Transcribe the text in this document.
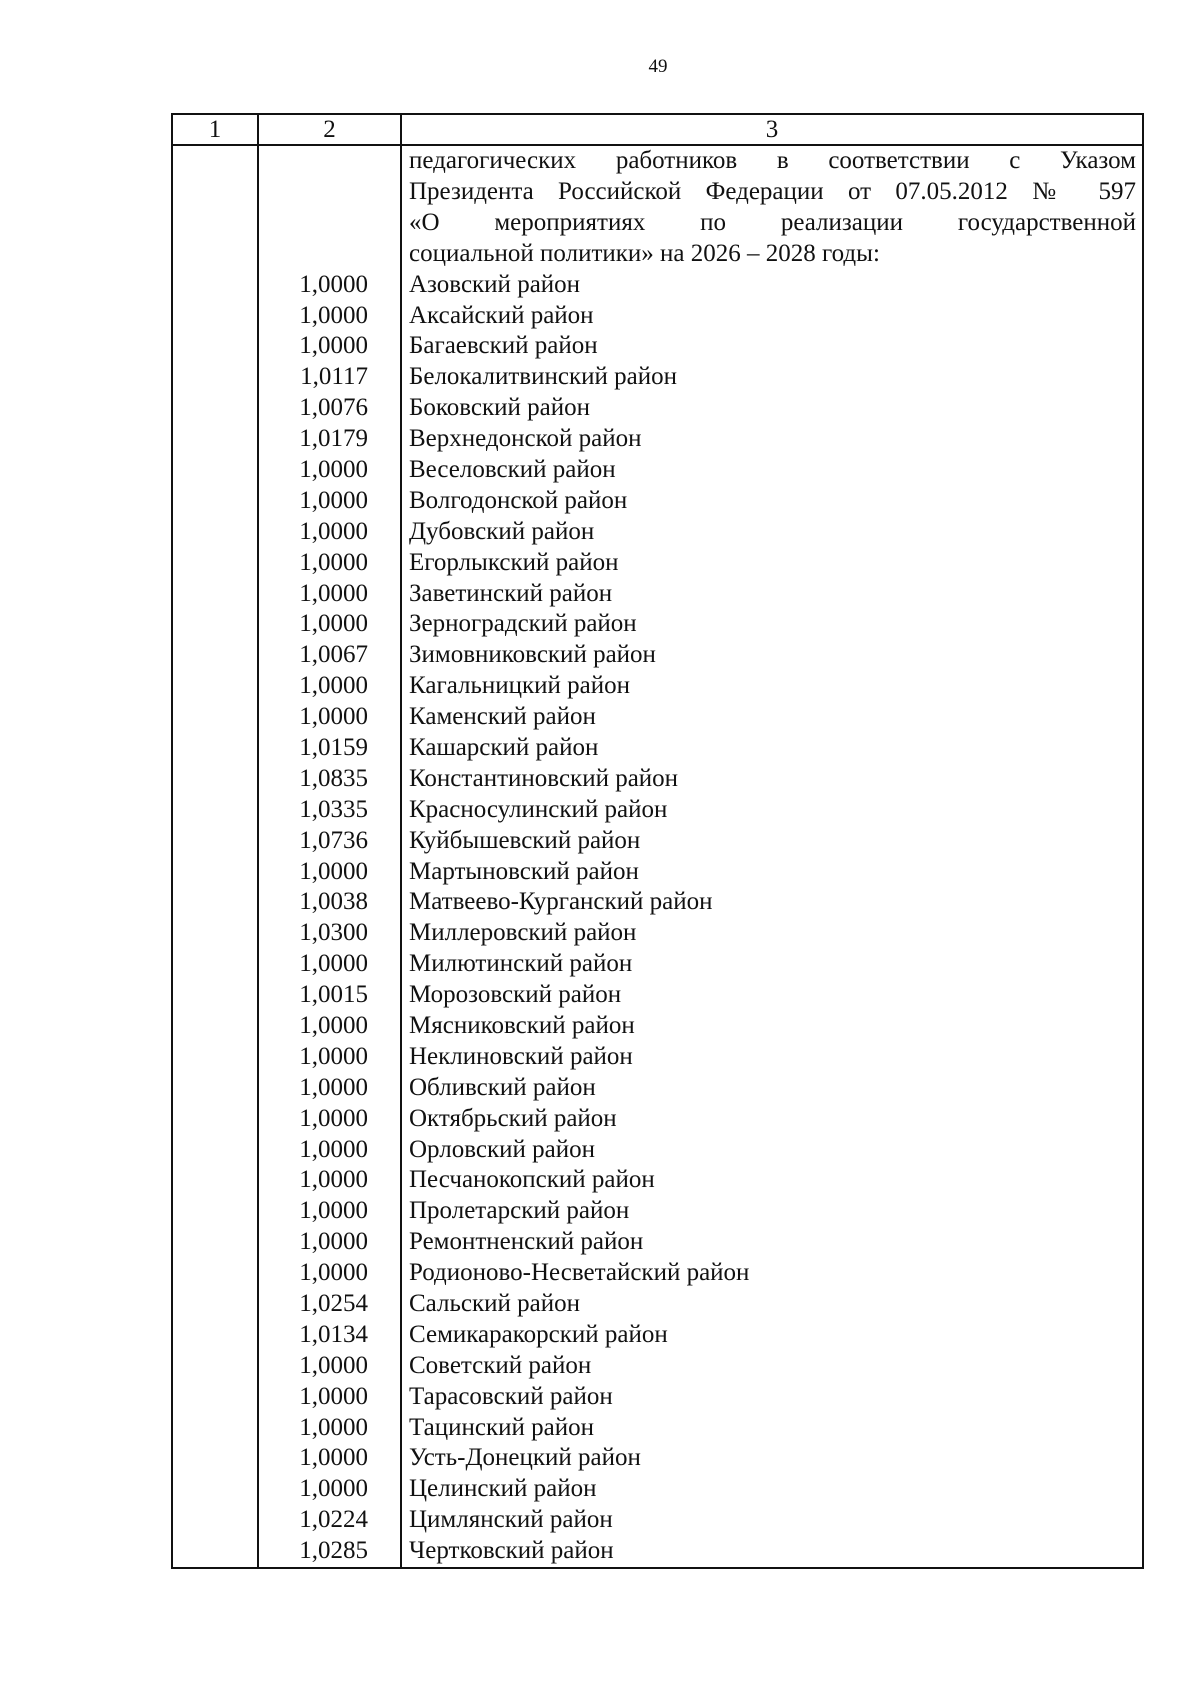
49
1	2	3
педагогических работников в соответствии с Указом
Президента Российской Федерации от 07.05.2012 № 597
«О мероприятиях по реализации государственной
социальной политики» на 2026 – 2028 годы:
1,0000	Азовский район
1,0000	Аксайский район
1,0000	Багаевский район
1,0117	Белокалитвинский район
1,0076	Боковский район
1,0179	Верхнедонской район
1,0000	Веселовский район
1,0000	Волгодонской район
1,0000	Дубовский район
1,0000	Егорлыкский район
1,0000	Заветинский район
1,0000	Зерноградский район
1,0067	Зимовниковский район
1,0000	Кагальницкий район
1,0000	Каменский район
1,0159	Кашарский район
1,0835	Константиновский район
1,0335	Красносулинский район
1,0736	Куйбышевский район
1,0000	Мартыновский район
1,0038	Матвеево-Курганский район
1,0300	Миллеровский район
1,0000	Милютинский район
1,0015	Морозовский район
1,0000	Мясниковский район
1,0000	Неклиновский район
1,0000	Обливский район
1,0000	Октябрьский район
1,0000	Орловский район
1,0000	Песчанокопский район
1,0000	Пролетарский район
1,0000	Ремонтненский район
1,0000	Родионово-Несветайский район
1,0254	Сальский район
1,0134	Семикаракорский район
1,0000	Советский район
1,0000	Тарасовский район
1,0000	Тацинский район
1,0000	Усть-Донецкий район
1,0000	Целинский район
1,0224	Цимлянский район
1,0285	Чертковский район
